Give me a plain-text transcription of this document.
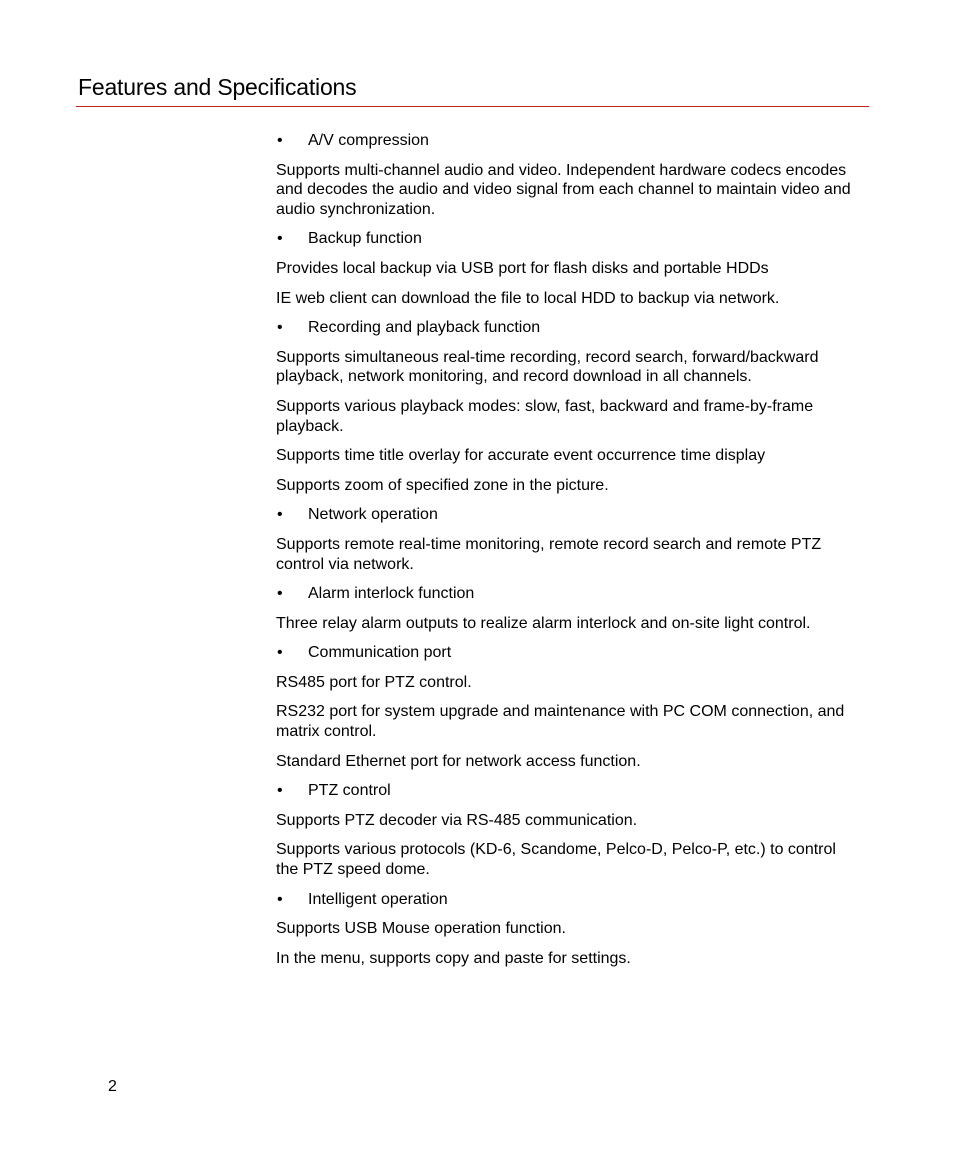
Features and Specifications
•	A/V compression

Supports multi-channel audio and video. Independent hardware codecs encodes and decodes the audio and video signal from each channel to maintain video and audio synchronization.

•	Backup function

Provides local backup via USB port for flash disks and portable HDDs

IE web client can download the file to local HDD to backup via network.

•	Recording and playback function

Supports simultaneous real-time recording, record search, forward/backward playback, network monitoring, and record download in all channels.

Supports various playback modes: slow, fast, backward and frame-by-frame playback.

Supports time title overlay for accurate event occurrence time display

Supports zoom of specified zone in the picture.

•	Network operation

Supports remote real-time monitoring, remote record search and remote PTZ control via network.

•	Alarm interlock function

Three relay alarm outputs to realize alarm interlock and on-site light control.

•	Communication port

RS485 port for PTZ control.

RS232 port for system upgrade and maintenance with PC COM connection, and matrix control.

Standard Ethernet port for network access function.

•	PTZ control

Supports PTZ decoder via RS-485 communication.

Supports various protocols (KD-6, Scandome, Pelco-D, Pelco-P, etc.) to control the PTZ speed dome.

•	Intelligent operation

Supports USB Mouse operation function.

In the menu, supports copy and paste for settings.

2
